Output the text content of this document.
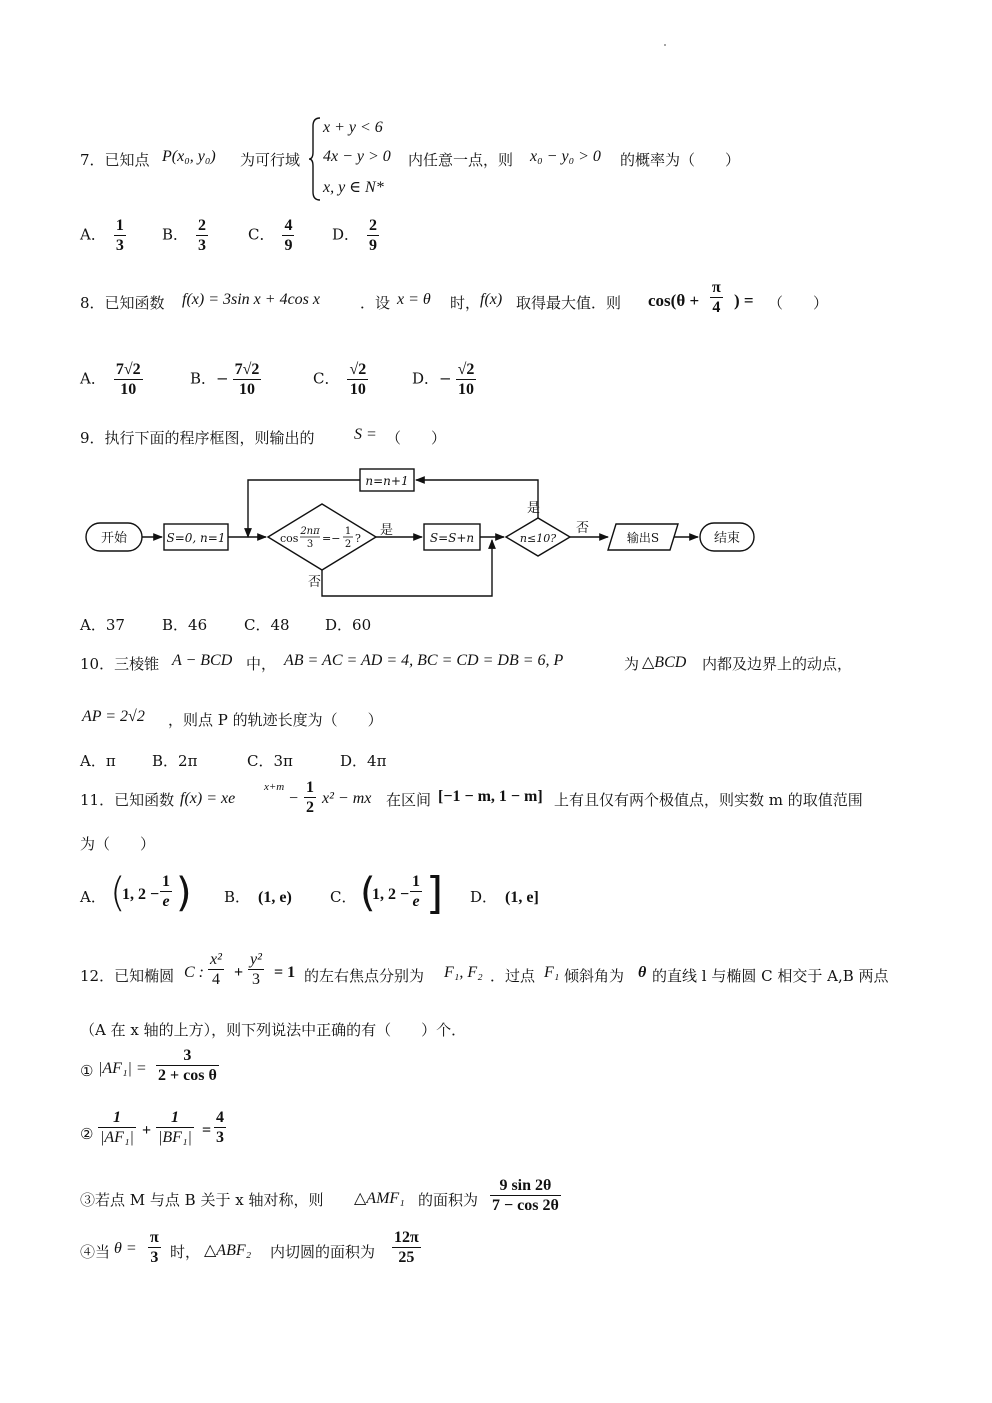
7．已知点 P(x₀, y₀) 为可行域
x + y < 6
4x − y > 0
x, y ∈ N*
内任意一点，则 x₀ − y₀ > 0 的概率为（　　）
A． $\frac{1}{3}$ B． $\frac{2}{3}$	C． $\frac{4}{9}$	D． $\frac{2}{9}$
8．已知函数 f(x) = 3sin x + 4cos x	．设 x = θ 时， f(x) 取得最大值．则 $\cos(\theta + \frac{\pi}{4}$ ) = （　　）
A． $\frac{7√2}{10}$	B．− $\frac{7√2}{10}$	C． $\frac{√2}{10}$	D．− $\frac{√2}{10}$
9．执行下面的程序框图，则输出的 S = （　　）
开始	S=0, n=1	cos
2nπ
3 =−
1
2 ?
是
否
S=S+n	n≤10?
是
否
n=n+1
输出S	结束
A．37 B．46 C．48 D．60
10．三棱锥 A − BCD 中， AB = AC = AD = 4, BC = CD = DB = 6, P	为 △BCD 内都及边界上的动点，
AP = 2√2 ，则点 P 的轨迹长度为（　　）
A．π B．2π	C．3π	D．4π
11．已知函数 f(x) = xe
x+m
− $\frac{1}{2} x^2$ − mx 在区间 [−1 − m, 1 − m] 上有且仅有两个极值点，则实数 m 的取值范围
为（　　）
A． (
1, $2 - \frac{1}{e}$ ) B． (1, e)	C． (
1, $2 - \frac{1}{e}$ ] D． (1, e]
12．已知椭圆 C : $\frac{\text{x²}}{4} + \frac{\text{y²}}{3} = 1$ 的左右焦点分别为 F₁, F₂ ．过点 F₁ 倾斜角为 θ 的直线 l 与椭圆 C 相交于 A,B 两点
（A 在 x 轴的上方），则下列说法中正确的有（　　）个．
① $|AF_1| = \frac{3}{\text{2 + cos θ}}$
② $\frac{1}{\text{|AF₁|}} + \frac{1}{\text{|BF₁|}} = \frac{4}{3}$
③若点 M 与点 B 关于 x 轴对称，则 △AMF₁ 的面积为 $\frac{9 \sin 2\theta}{7 - \cos 2\theta}$
④当 $\theta = \frac{\pi}{3}$ 时， △ABF₂ 内切圆的面积为 $\frac{12\pi}{25}$
